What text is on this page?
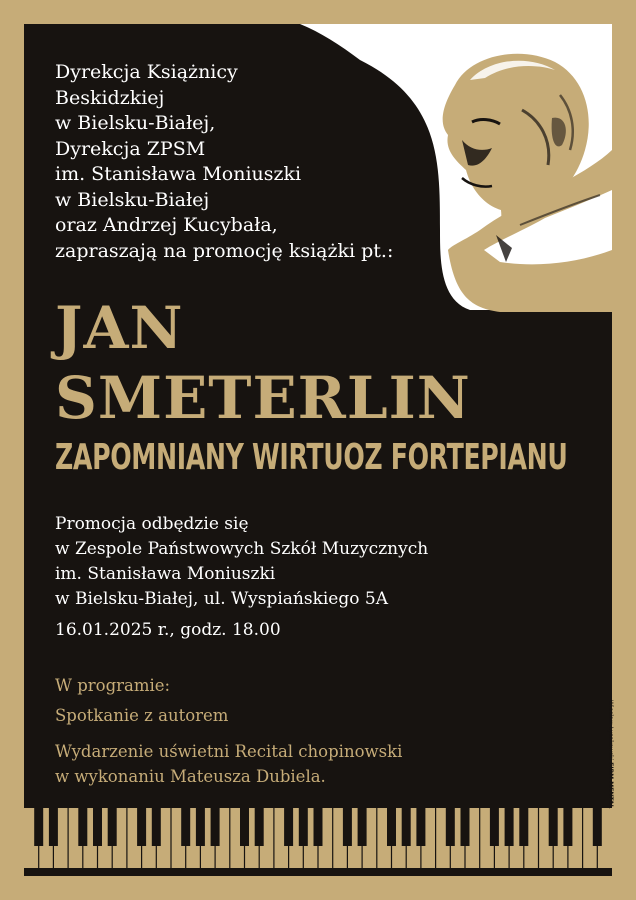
Dyrekcja Książnicy
Beskidzkiej
w Bielsku-Białej,
Dyrekcja ZPSM
im. Stanisława Moniuszki
w Bielsku-Białej
oraz Andrzej Kucybała,
zapraszają na promocję książki pt.:
JAN
SMETERLIN
ZAPOMNIANY WIRTUOZ FORTEPIANU
Promocja odbędzie się
w Zespole Państwowych Szkół Muzycznych
im. Stanisława Moniuszki
w Bielsku-Białej, ul. Wyspiańskiego 5A
16.01.2025 r., godz. 18.00
W programie:
Spotkanie z autorem
Wydarzenie uświetni Recital chopinowski
w wykonaniu Mateusza Dubiela.
Wiesław Łysakowski FIRM MENTAL
